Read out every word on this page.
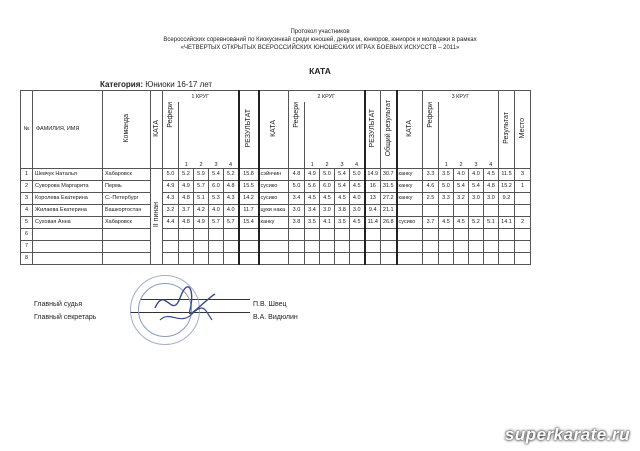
Протокол участников
Всероссийских соревнований по Киокусинкай среди юношей, девушек, юниоров, юниорок и молодежи в рамках
«ЧЕТВЕРТЫХ ОТКРЫТЫХ ВСЕРОССИЙСКИХ ЮНОШЕСКИХ ИГРАХ БОЕВЫХ ИСКУССТВ – 2011»
КАТА
Категория: Юниоки 16-17 лет
№	ФАМИЛИЯ, ИМЯ	Команда	КАТА	1 КРУГ					РЕЗУЛЬТАТ	КАТА	2 КРУГ					РЕЗУЛЬТАТ	Общий результат	КАТА	3 КРУГ					Результат	Место
				Рефери	1	2	3	4			Рефери	1	2	3	4				Рефери	1	2	3	4		
1	Шевчук Наталья	Хабаровск	II пинан	5.0	5.2	5.9	5.4	5.2	15.8	сэйнчин	4.8	4.9	5.0	5.4	5.0	14.9	30.7	канку	3.3	3.5	4.0	4.0	4.5	11.5	3
2	Суворова Маргарита	Пермь		4.9	4.9	5.7	6.0	4.8	15.5	сусико	5.0	5.6	6.0	5.4	4.5	16	31.5	канку	4.6	5.0	5.4	5.4	4.8	15.2	1
3	Королева Екатерина	С.-Петербург		4.3	4.8	5.1	5.3	4.3	14.2	сусико	3.4	4.5	4.5	4.5	4.0	13	27.2	канку	2.5	3.3	3.2	3.0	3.0	9.2	
4	Жилаева Екатерина	Башкортостан		3.2	3.7	4.2	4.0	4.0	11.7	цуки нака	3.0	3.4	3.0	3.8	3.0	9.4	21.1								
5	Суховая Анна	Хабаровск		4.4	4.8	4.9	5.7	5.7	15.4	канку	3.8	3.5	4.1	3.5	4.5	11.4	26.8	сусико	3.7	4.5	4.5	5.2	5.1	14.1	2
6																									
7																									
8																									
Главный судья	П.В. Швец
Главный секретарь	В.А. Видюлин
superkarate.ru
